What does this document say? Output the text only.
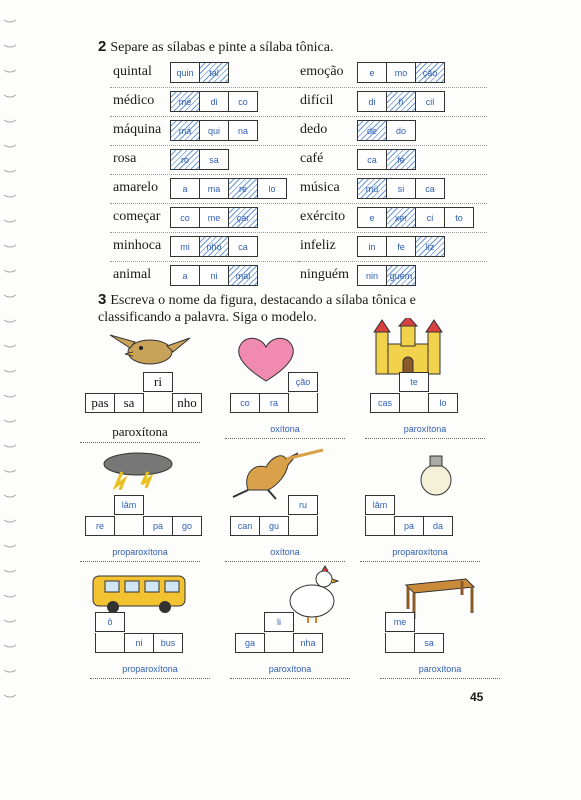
2 Separe as sílabas e pinte a sílaba tônica.
quintal	quin	tal
médico	mé	di	co
máquina	má	qui	na
rosa	ro	sa
amarelo	a	ma	re	lo
começar	co	me	çar
minhoca	mi	nho	ca
animal	a	ni	mal
emoção	e	mo	ção
difícil	di	fí	cil
dedo	de	do
café	ca	fé
música	mú	si	ca
exército	e	xér	ci	to
infeliz	in	fe	liz
ninguém	nin	guém
3 Escreva o nome da figura, destacando a sílaba tônica e
classificando a palavra. Siga o modelo.
ri
pas	sa	nho
paroxítona
ção
co	ra
oxítona
te
cas	lo
paroxítona
lâm
re	pa	go
proparoxítona
ru
can	gu
oxítona
lâm
pa	da
proparoxítona
ô
ni	bus
proparoxítona
li
ga	nha
paroxítona
me
sa
paroxítona
45
